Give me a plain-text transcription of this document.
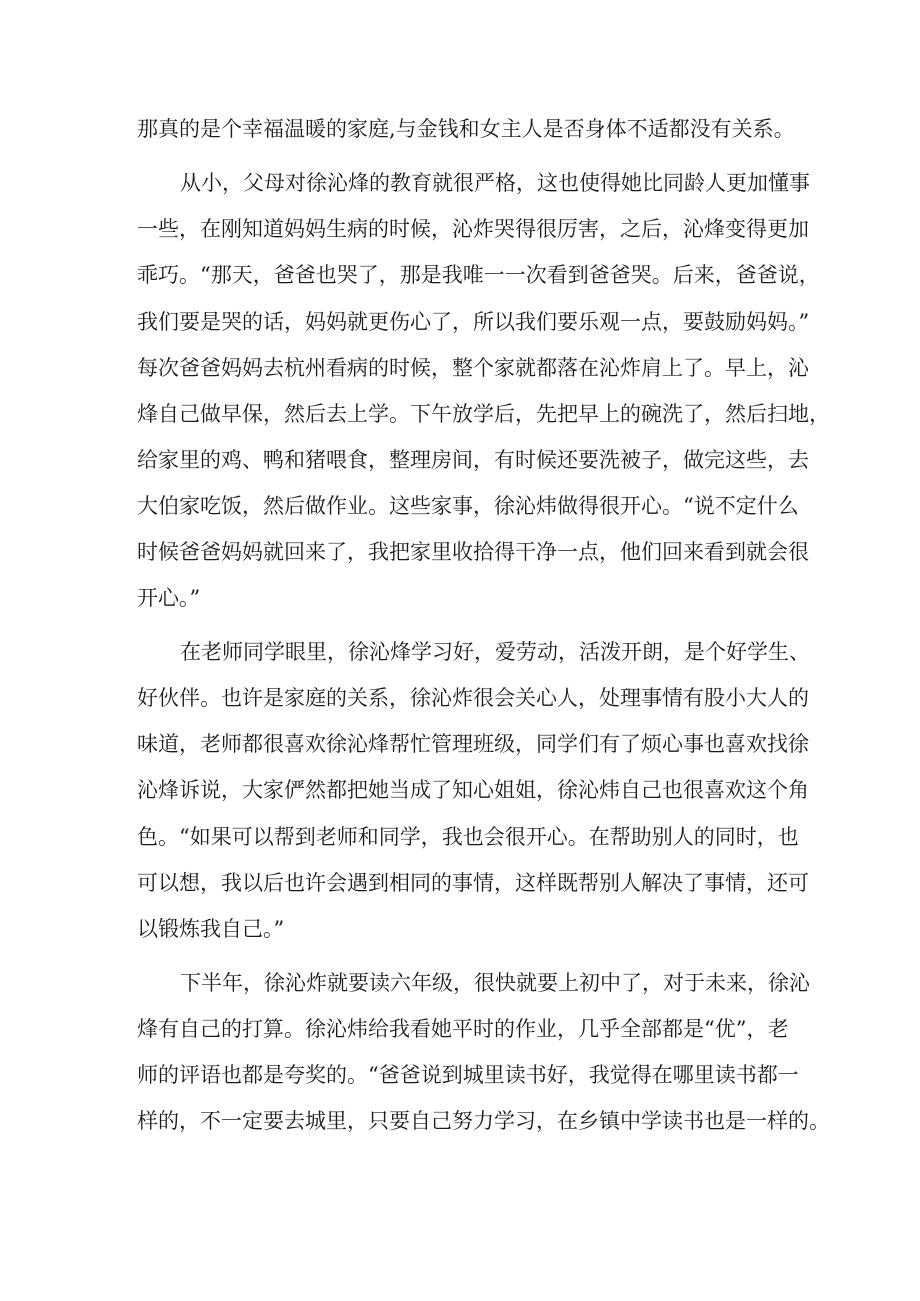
那真的是个幸福温暖的家庭,与金钱和女主人是否身体不适都没有关系。

从小，父母对徐沁烽的教育就很严格，这也使得她比同龄人更加懂事

一些，在刚知道妈妈生病的时候，沁炸哭得很厉害，之后，沁烽变得更加

乖巧。“那天，爸爸也哭了，那是我唯一一次看到爸爸哭。后来，爸爸说，

我们要是哭的话，妈妈就更伤心了，所以我们要乐观一点，要鼓励妈妈。”

每次爸爸妈妈去杭州看病的时候，整个家就都落在沁炸肩上了。早上，沁

烽自己做早保，然后去上学。下午放学后，先把早上的碗洗了，然后扫地，

给家里的鸡、鸭和猪喂食，整理房间，有时候还要洗被子，做完这些，去

大伯家吃饭，然后做作业。这些家事，徐沁炜做得很开心。“说不定什么

时候爸爸妈妈就回来了，我把家里收拾得干净一点，他们回来看到就会很

开心。”

在老师同学眼里，徐沁烽学习好，爱劳动，活泼开朗，是个好学生、

好伙伴。也许是家庭的关系，徐沁炸很会关心人，处理事情有股小大人的

味道，老师都很喜欢徐沁烽帮忙管理班级，同学们有了烦心事也喜欢找徐

沁烽诉说，大家俨然都把她当成了知心姐姐，徐沁炜自己也很喜欢这个角

色。“如果可以帮到老师和同学，我也会很开心。在帮助别人的同时，也

可以想，我以后也许会遇到相同的事情，这样既帮别人解决了事情，还可

以锻炼我自己。”

下半年，徐沁炸就要读六年级，很快就要上初中了，对于未来，徐沁

烽有自己的打算。徐沁炜给我看她平时的作业，几乎全部都是“优”，老

师的评语也都是夸奖的。“爸爸说到城里读书好，我觉得在哪里读书都一

样的，不一定要去城里，只要自己努力学习，在乡镇中学读书也是一样的。
